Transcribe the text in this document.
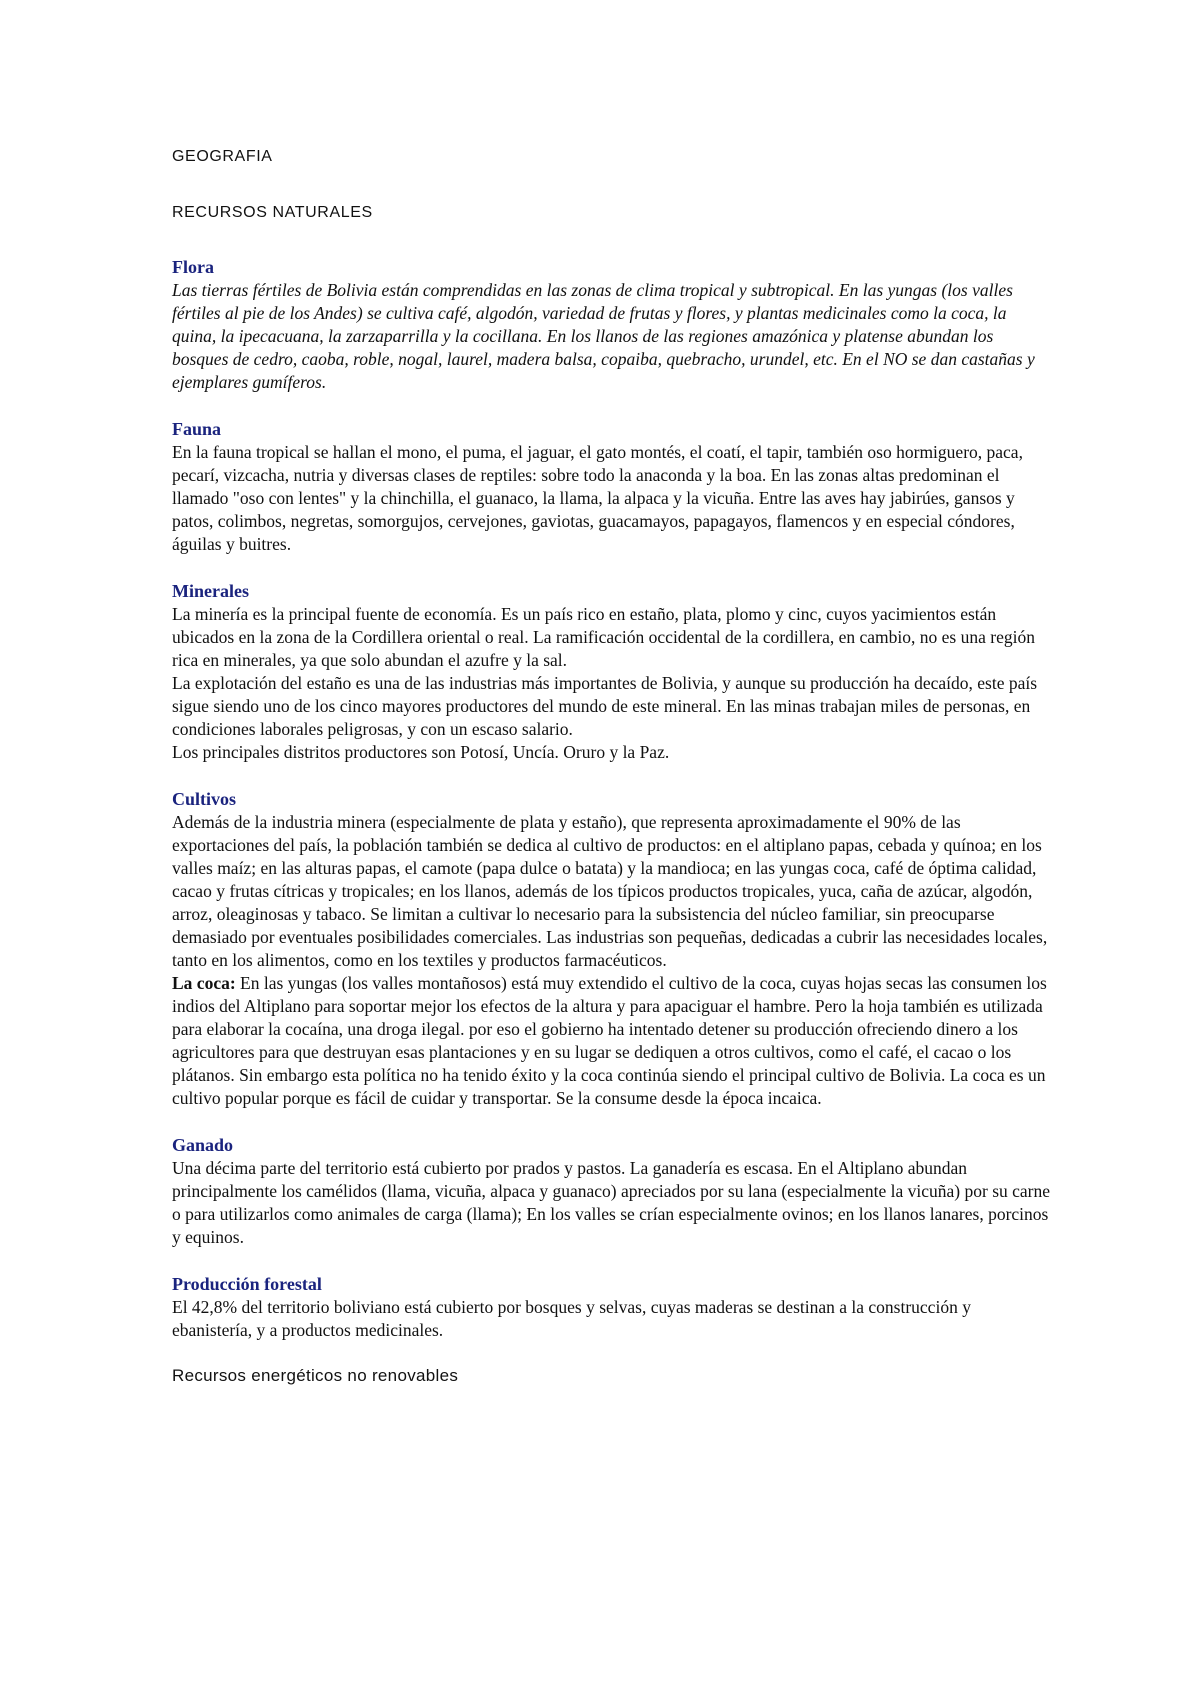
GEOGRAFIA

RECURSOS NATURALES

Flora

Las tierras fértiles de Bolivia están comprendidas en las zonas de clima tropical y subtropical. En las yungas (los valles fértiles al pie de los Andes) se cultiva café, algodón, variedad de frutas y flores, y plantas medicinales como la coca, la quina, la ipecacuana, la zarzaparrilla y la cocillana. En los llanos de las regiones amazónica y platense abundan los bosques de cedro, caoba, roble, nogal, laurel, madera balsa, copaiba, quebracho, urundel, etc. En el NO se dan castañas y ejemplares gumíferos.

Fauna

En la fauna tropical se hallan el mono, el puma, el jaguar, el gato montés, el coatí, el tapir, también oso hormiguero, paca, pecarí, vizcacha, nutria y diversas clases de reptiles: sobre todo la anaconda y la boa. En las zonas altas predominan el llamado "oso con lentes" y la chinchilla, el guanaco, la llama, la alpaca y la vicuña. Entre las aves hay jabirúes, gansos y patos, colimbos, negretas, somorgujos, cervejones, gaviotas, guacamayos, papagayos, flamencos y en especial cóndores, águilas y buitres.

Minerales

La minería es la principal fuente de economía. Es un país rico en estaño, plata, plomo y cinc, cuyos yacimientos están ubicados en la zona de la Cordillera oriental o real. La ramificación occidental de la cordillera, en cambio, no es una región rica en minerales, ya que solo abundan el azufre y la sal.

La explotación del estaño es una de las industrias más importantes de Bolivia, y aunque su producción ha decaído, este país sigue siendo uno de los cinco mayores productores del mundo de este mineral. En las minas trabajan miles de personas, en condiciones laborales peligrosas, y con un escaso salario.

Los principales distritos productores son Potosí, Uncía. Oruro y la Paz.

Cultivos

Además de la industria minera (especialmente de plata y estaño), que representa aproximadamente el 90% de las exportaciones del país, la población también se dedica al cultivo de productos: en el altiplano papas, cebada y quínoa; en los valles maíz; en las alturas papas, el camote (papa dulce o batata) y la mandioca; en las yungas coca, café de óptima calidad, cacao y frutas cítricas y tropicales; en los llanos, además de los típicos productos tropicales, yuca, caña de azúcar, algodón, arroz, oleaginosas y tabaco. Se limitan a cultivar lo necesario para la subsistencia del núcleo familiar, sin preocuparse demasiado por eventuales posibilidades comerciales. Las industrias son pequeñas, dedicadas a cubrir las necesidades locales, tanto en los alimentos, como en los textiles y productos farmacéuticos.

La coca: En las yungas (los valles montañosos) está muy extendido el cultivo de la coca, cuyas hojas secas las consumen los indios del Altiplano para soportar mejor los efectos de la altura y para apaciguar el hambre. Pero la hoja también es utilizada para elaborar la cocaína, una droga ilegal. por eso el gobierno ha intentado detener su producción ofreciendo dinero a los agricultores para que destruyan esas plantaciones y en su lugar se dediquen a otros cultivos, como el café, el cacao o los plátanos. Sin embargo esta política no ha tenido éxito y la coca continúa siendo el principal cultivo de Bolivia. La coca es un cultivo popular porque es fácil de cuidar y transportar. Se la consume desde la época incaica.

Ganado

Una décima parte del territorio está cubierto por prados y pastos. La ganadería es escasa. En el Altiplano abundan principalmente los camélidos (llama, vicuña, alpaca y guanaco) apreciados por su lana (especialmente la vicuña) por su carne o para utilizarlos como animales de carga (llama); En los valles se crían especialmente ovinos; en los llanos lanares, porcinos y equinos.

Producción forestal

El 42,8% del territorio boliviano está cubierto por bosques y selvas, cuyas maderas se destinan a la construcción y ebanistería, y a productos medicinales.

Recursos energéticos no renovables
